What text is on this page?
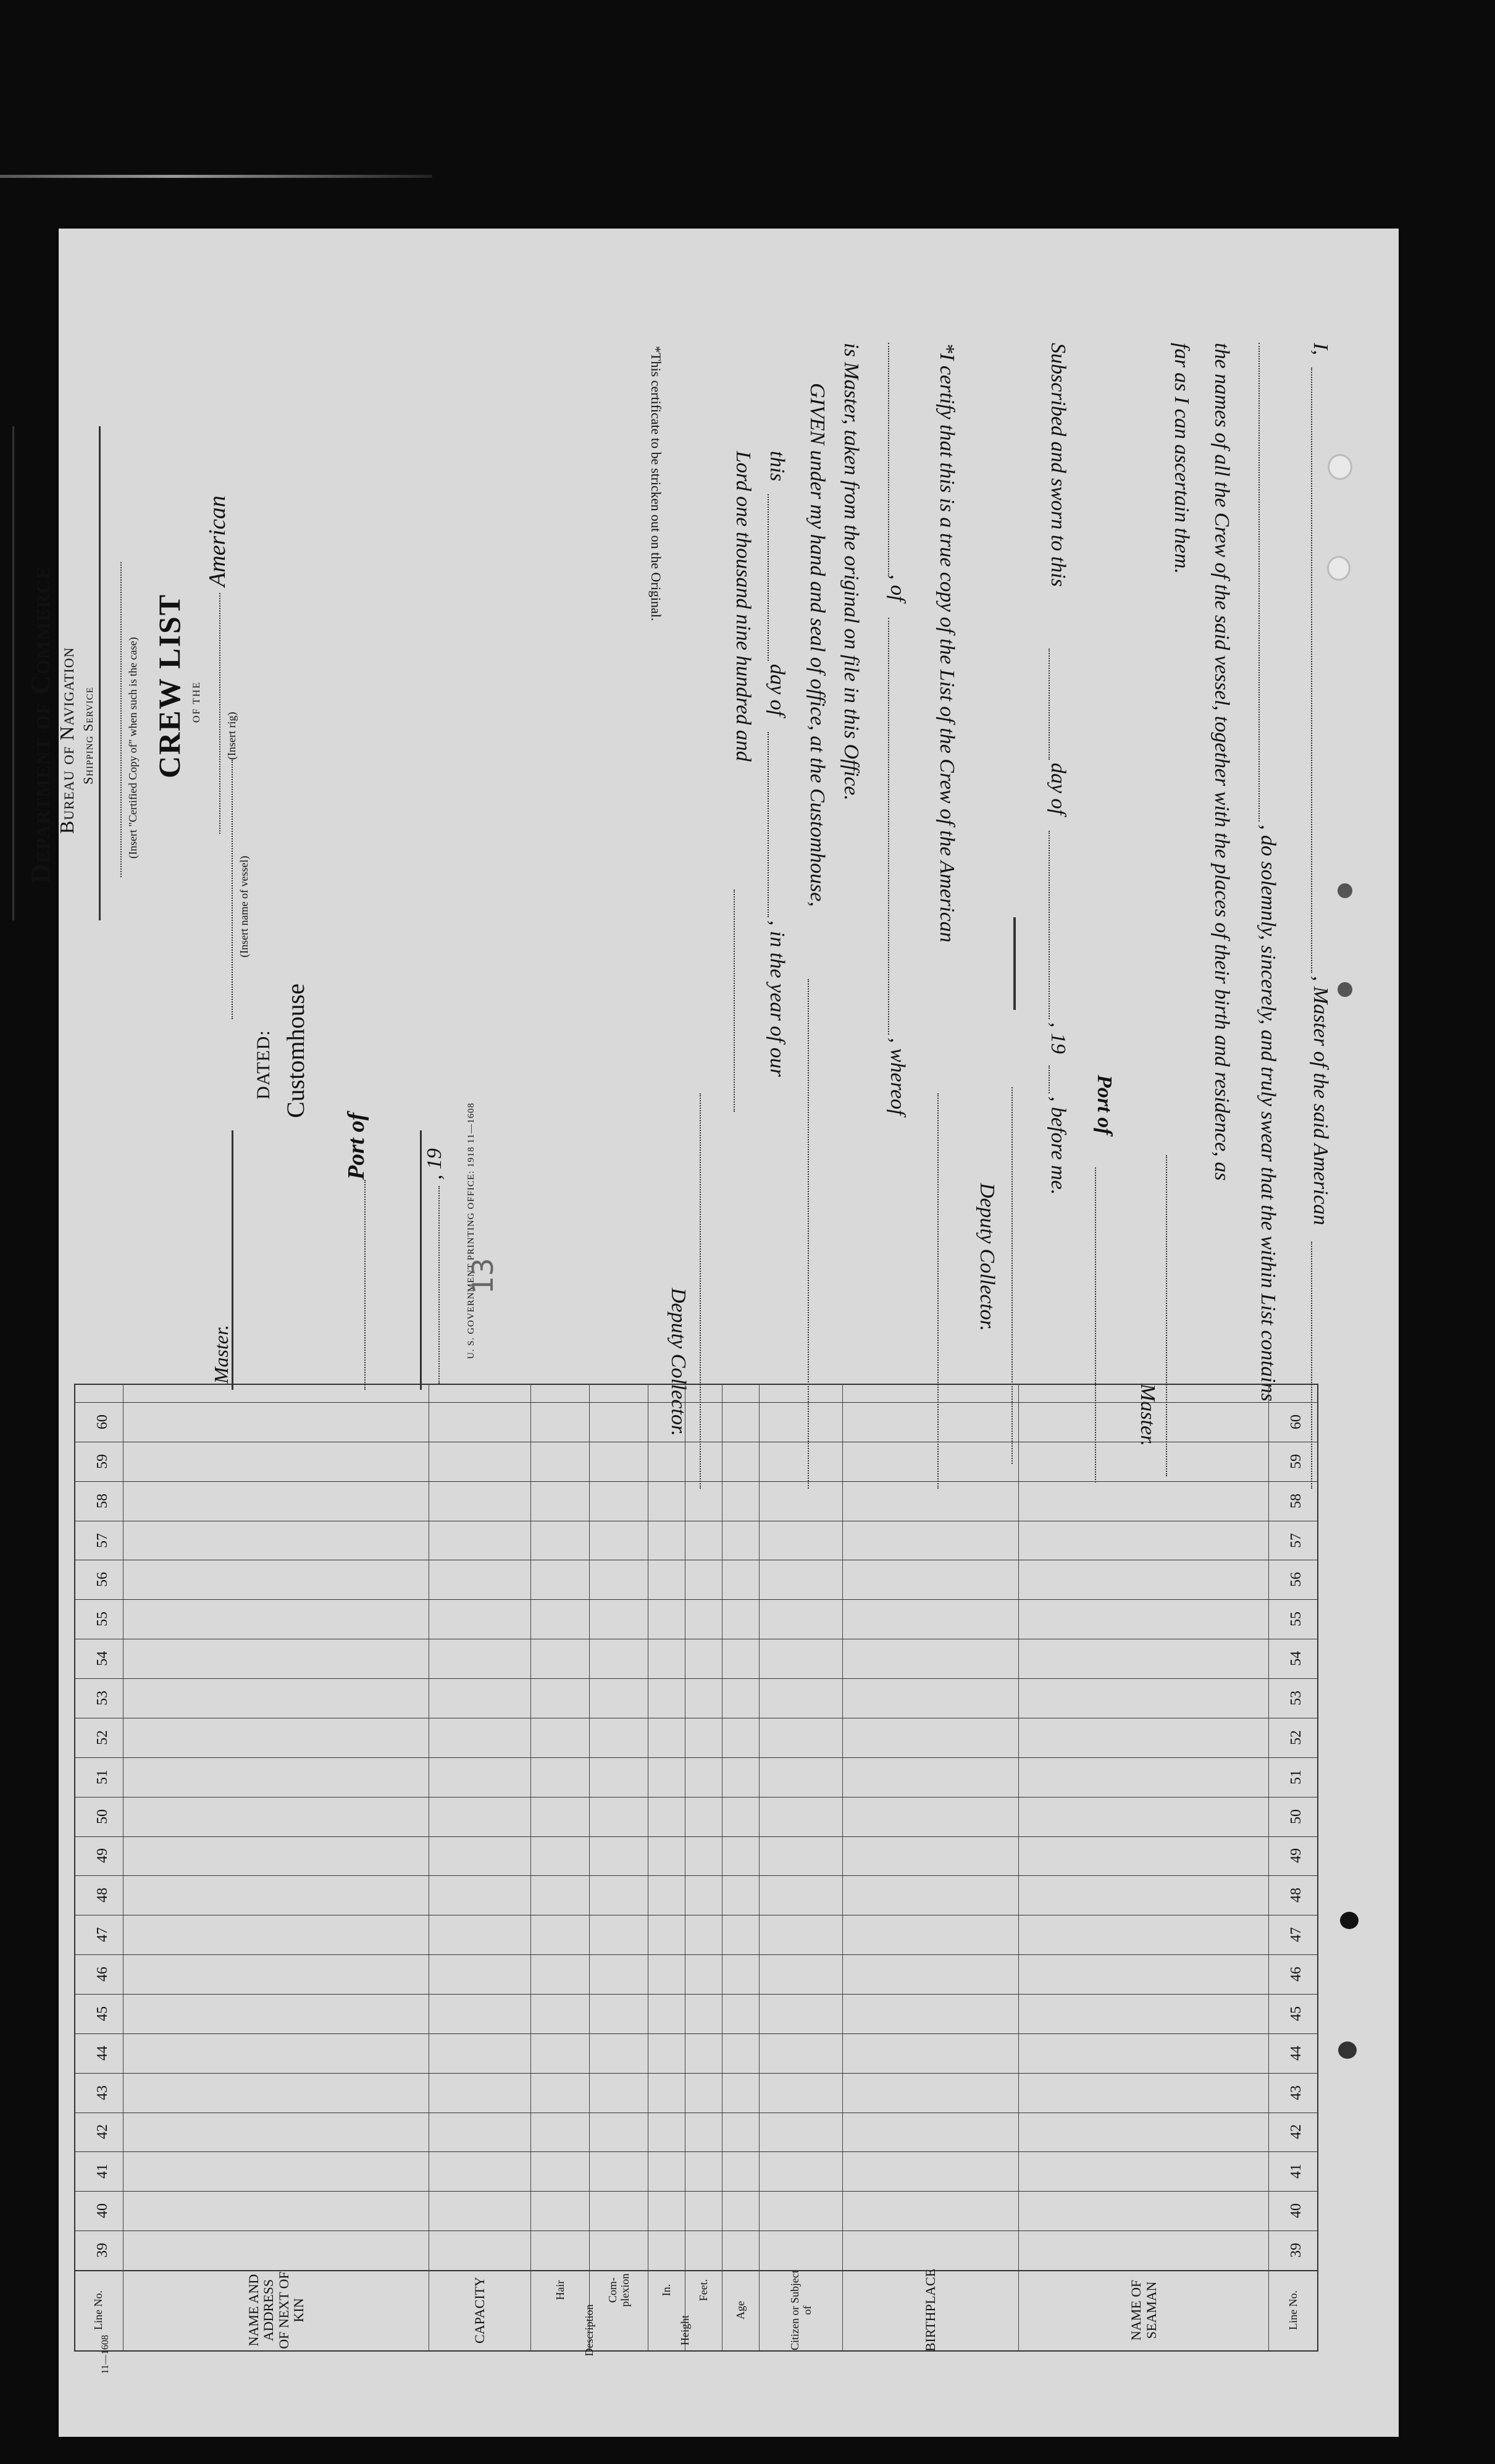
I,
, Master of the said American
, do solemnly, sincerely, and truly swear that the within List contains
the names of all the Crew of the said vessel, together with the places of their birth and residence, as
far as I can ascertain them.
Master.
Port of
Subscribed and sworn to this
day of
, 19
, before me.
Deputy Collector.
*I certify that this is a true copy of the List of the Crew of the American
, of
, whereof
is Master, taken from the original on file in this Office.
GIVEN under my hand and seal of office, at the Customhouse,
this
day of
, in the year of our
Lord one thousand nine hundred and
Deputy Collector.
*This certificate to be stricken out on the Original.
U. S. GOVERNMENT PRINTING OFFICE: 1918 11—1608
, 19
Port of
Customhouse
DATED:
Master.
(Insert name of vessel)
(Insert rig)
American
OF THE
CREW LIST
(Insert "Certified Copy of" when such is the case)
Shipping Service
Bureau of Navigation
Department of Commerce
13
39
39
40
40
41
41
42
42
43
43
44
44
45
45
46
46
47
47
48
48
49
49
50
50
51
51
52
52
53
53
54
54
55
55
56
56
57
57
58
58
59
59
60
60
Line No.
NAME OF SEAMAN
BIRTHPLACE
Citizen or Subject of
Age
Height
Feet.
In.
Description
Com-plexion
Hair
CAPACITY
NAME AND ADDRESS OF NEXT OF KIN
Line No.
11—1608
